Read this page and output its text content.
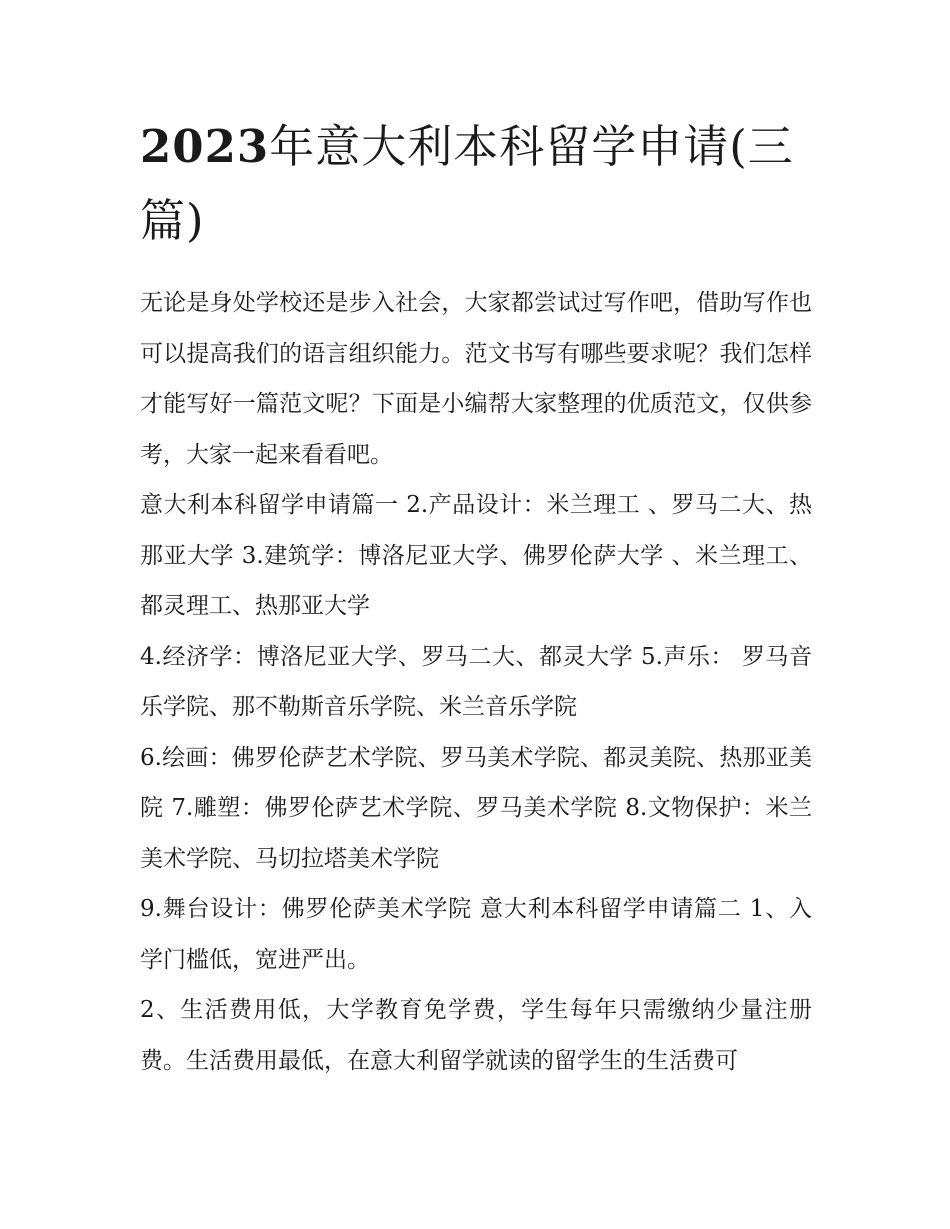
2023年意大利本科留学申请(三篇)

无论是身处学校还是步入社会，大家都尝试过写作吧，借助写作也可以提高我们的语言组织能力。范文书写有哪些要求呢？我们怎样才能写好一篇范文呢？下面是小编帮大家整理的优质范文，仅供参考，大家一起来看看吧。

意大利本科留学申请篇一 2.产品设计：米兰理工 、罗马二大、热那亚大学 3.建筑学：博洛尼亚大学、佛罗伦萨大学 、米兰理工、都灵理工、热那亚大学

4.经济学：博洛尼亚大学、罗马二大、都灵大学 5.声乐： 罗马音乐学院、那不勒斯音乐学院、米兰音乐学院

6.绘画：佛罗伦萨艺术学院、罗马美术学院、都灵美院、热那亚美院 7.雕塑：佛罗伦萨艺术学院、罗马美术学院 8.文物保护：米兰美术学院、马切拉塔美术学院

9.舞台设计：佛罗伦萨美术学院 意大利本科留学申请篇二 1、入学门槛低，宽进严出。

2、生活费用低，大学教育免学费，学生每年只需缴纳少量注册费。生活费用最低，在意大利留学就读的留学生的生活费可
